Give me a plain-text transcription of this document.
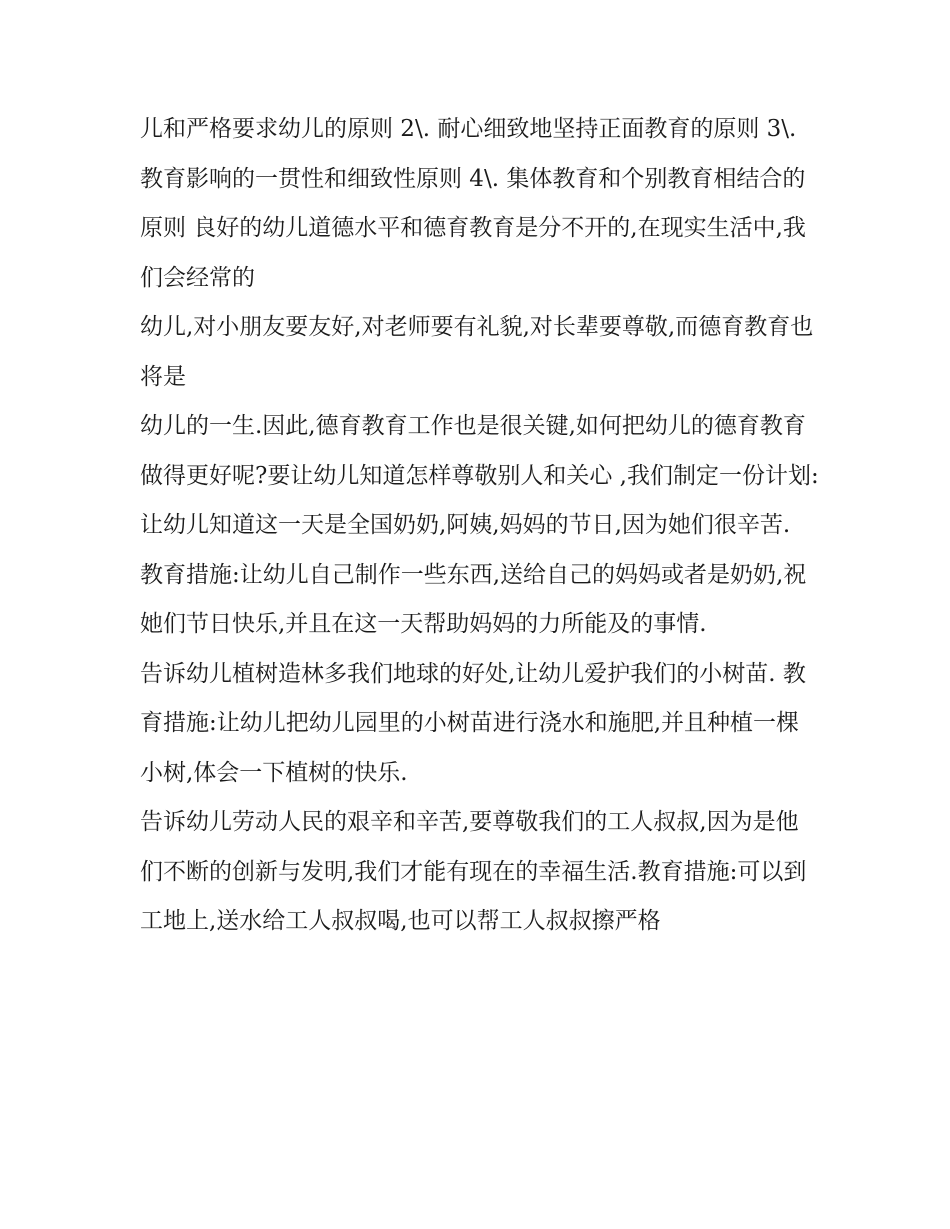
儿和严格要求幼儿的原则 2\. 耐心细致地坚持正面教育的原则 3\.

教育影响的一贯性和细致性原则 4\. 集体教育和个别教育相结合的原则 良好的幼儿道德水平和德育教育是分不开的,在现实生活中,我们会经常的

幼儿,对小朋友要友好,对老师要有礼貌,对长辈要尊敬,而德育教育也将是

幼儿的一生.因此,德育教育工作也是很关键,如何把幼儿的德育教育做得更好呢?要让幼儿知道怎样尊敬别人和关心 ,我们制定一份计划:

让幼儿知道这一天是全国奶奶,阿姨,妈妈的节日,因为她们很辛苦.

教育措施:让幼儿自己制作一些东西,送给自己的妈妈或者是奶奶,祝她们节日快乐,并且在这一天帮助妈妈的力所能及的事情.

告诉幼儿植树造林多我们地球的好处,让幼儿爱护我们的小树苗. 教育措施:让幼儿把幼儿园里的小树苗进行浇水和施肥,并且种植一棵小树,体会一下植树的快乐.

告诉幼儿劳动人民的艰辛和辛苦,要尊敬我们的工人叔叔,因为是他们不断的创新与发明,我们才能有现在的幸福生活.教育措施:可以到工地上,送水给工人叔叔喝,也可以帮工人叔叔擦严格
